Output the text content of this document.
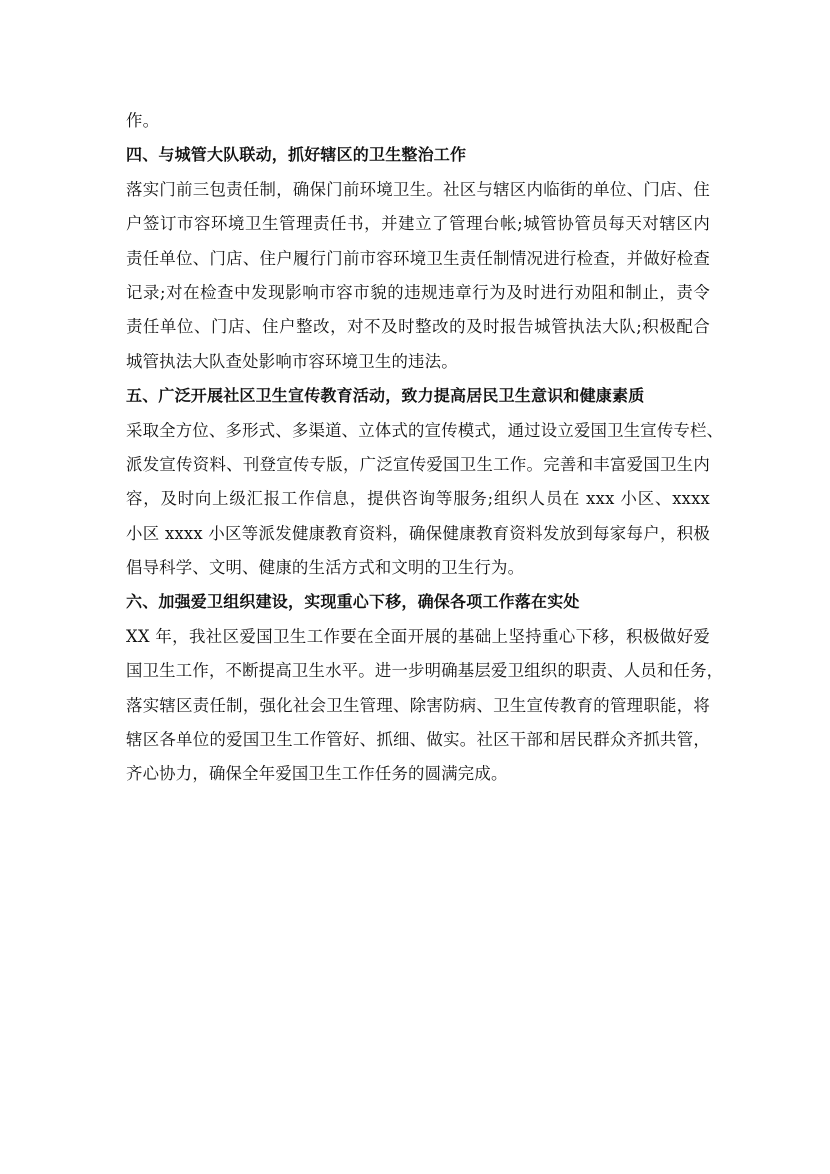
作。
四、与城管大队联动，抓好辖区的卫生整治工作
落实门前三包责任制，确保门前环境卫生。社区与辖区内临街的单位、门店、住
户签订市容环境卫生管理责任书，并建立了管理台帐;城管协管员每天对辖区内
责任单位、门店、住户履行门前市容环境卫生责任制情况进行检查，并做好检查
记录;对在检查中发现影响市容市貌的违规违章行为及时进行劝阻和制止，责令
责任单位、门店、住户整改，对不及时整改的及时报告城管执法大队;积极配合
城管执法大队查处影响市容环境卫生的违法。
五、广泛开展社区卫生宣传教育活动，致力提高居民卫生意识和健康素质
采取全方位、多形式、多渠道、立体式的宣传模式，通过设立爱国卫生宣传专栏、
派发宣传资料、刊登宣传专版，广泛宣传爱国卫生工作。完善和丰富爱国卫生内
容，及时向上级汇报工作信息，提供咨询等服务;组织人员在 xxx 小区、xxxx
小区 xxxx 小区等派发健康教育资料，确保健康教育资料发放到每家每户，积极
倡导科学、文明、健康的生活方式和文明的卫生行为。
六、加强爱卫组织建设，实现重心下移，确保各项工作落在实处
XX 年，我社区爱国卫生工作要在全面开展的基础上坚持重心下移，积极做好爱
国卫生工作，不断提高卫生水平。进一步明确基层爱卫组织的职责、人员和任务，
落实辖区责任制，强化社会卫生管理、除害防病、卫生宣传教育的管理职能，将
辖区各单位的爱国卫生工作管好、抓细、做实。社区干部和居民群众齐抓共管，
齐心协力，确保全年爱国卫生工作任务的圆满完成。
